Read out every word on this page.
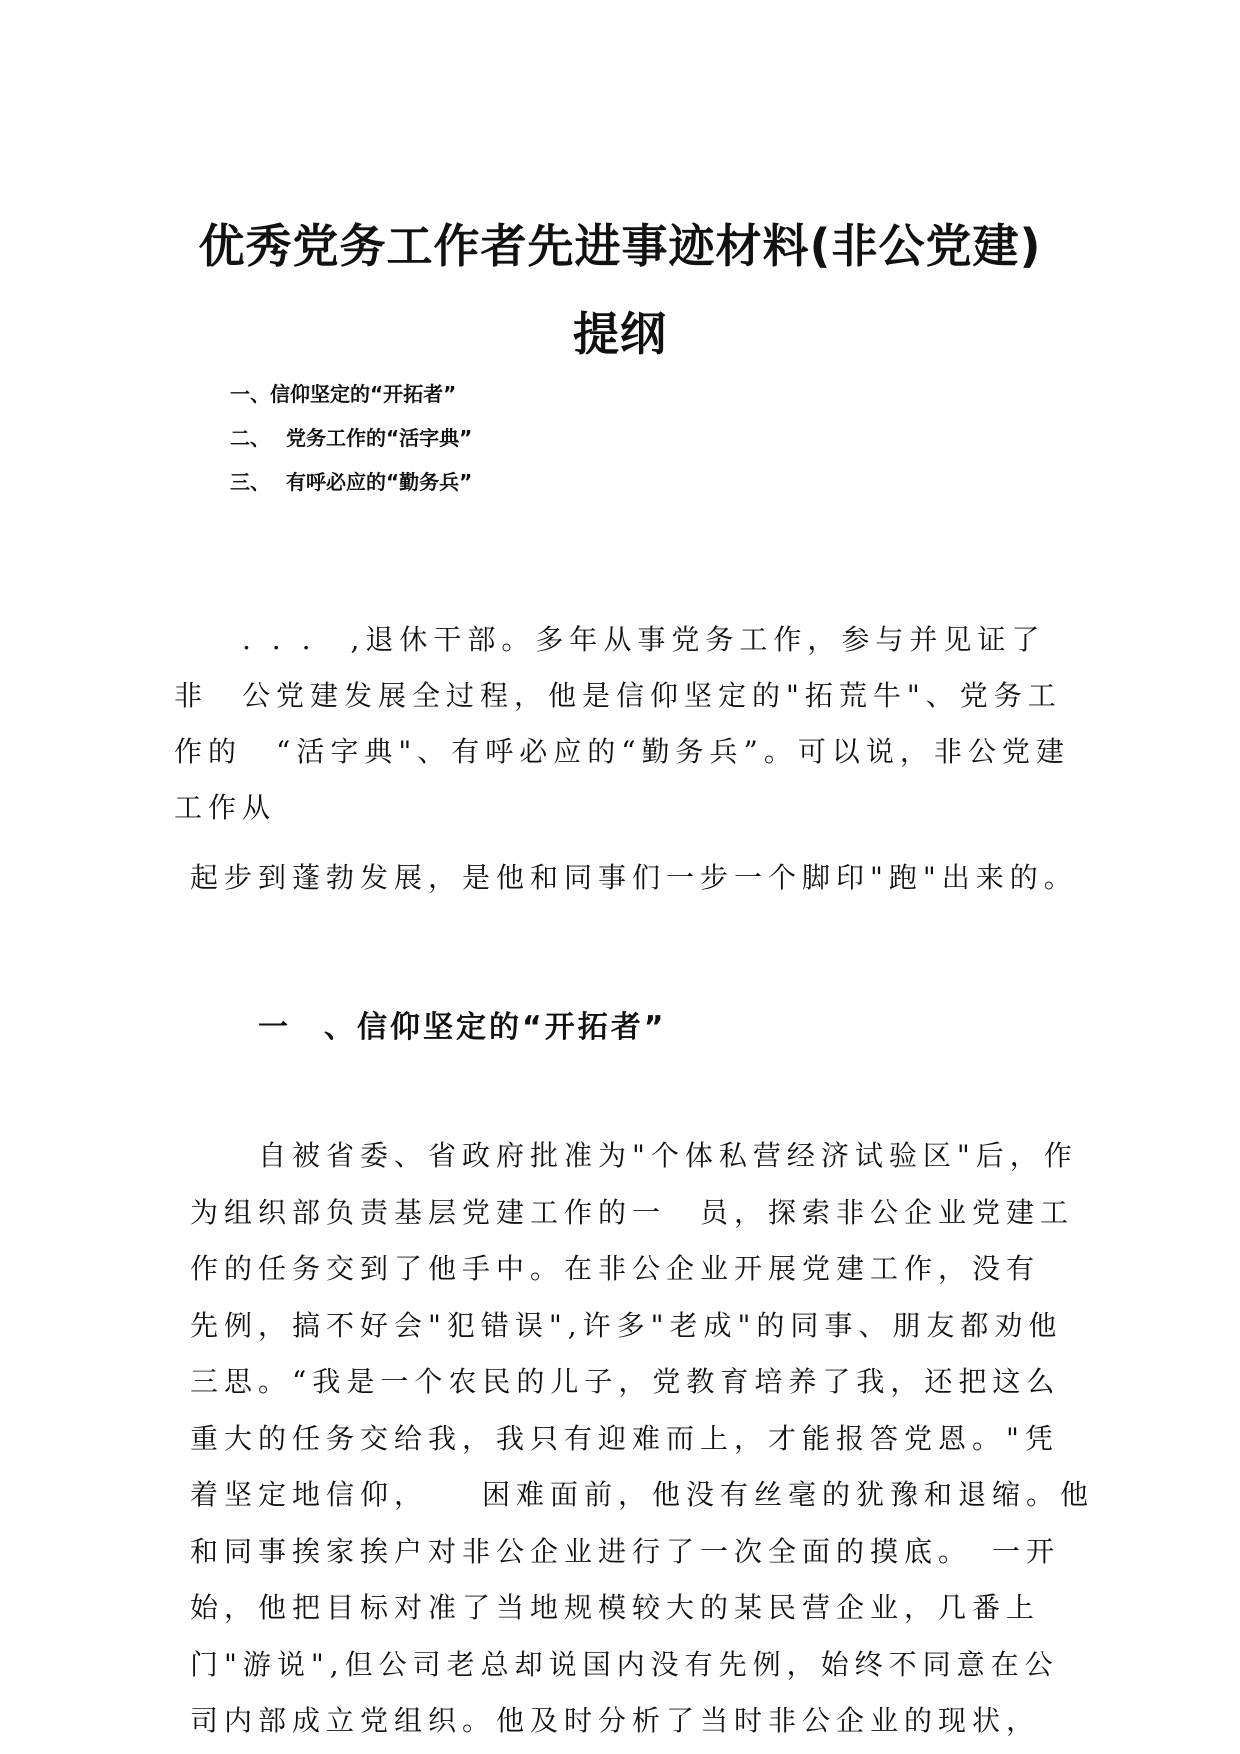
优秀党务工作者先进事迹材料(非公党建)
提纲
一、信仰坚定的“开拓者”
二、 党务工作的“活字典”
三、 有呼必应的“勤务兵”

　　. . .　,退休干部。多年从事党务工作，参与并见证了
非　公党建发展全过程，他是信仰坚定的"拓荒牛"、党务工
作的　“活字典"、有呼必应的“勤务兵”。可以说，非公党建
工作从

起步到蓬勃发展，是他和同事们一步一个脚印"跑"出来的。

一　、信仰坚定的“开拓者”

　　自被省委、省政府批准为"个体私营经济试验区"后，作
为组织部负责基层党建工作的一　员，探索非公企业党建工
作的任务交到了他手中。在非公企业开展党建工作，没有
先例，搞不好会"犯错误",许多"老成"的同事、朋友都劝他
三思。“我是一个农民的儿子，党教育培养了我，还把这么
重大的任务交给我，我只有迎难而上，才能报答党恩。"凭
着坚定地信仰，　　困难面前，他没有丝毫的犹豫和退缩。他
和同事挨家挨户对非公企业进行了一次全面的摸底。　一开
始，他把目标对准了当地规模较大的某民营企业，几番上
门"游说",但公司老总却说国内没有先例，始终不同意在公
司内部成立党组织。他及时分析了当时非公企业的现状，
